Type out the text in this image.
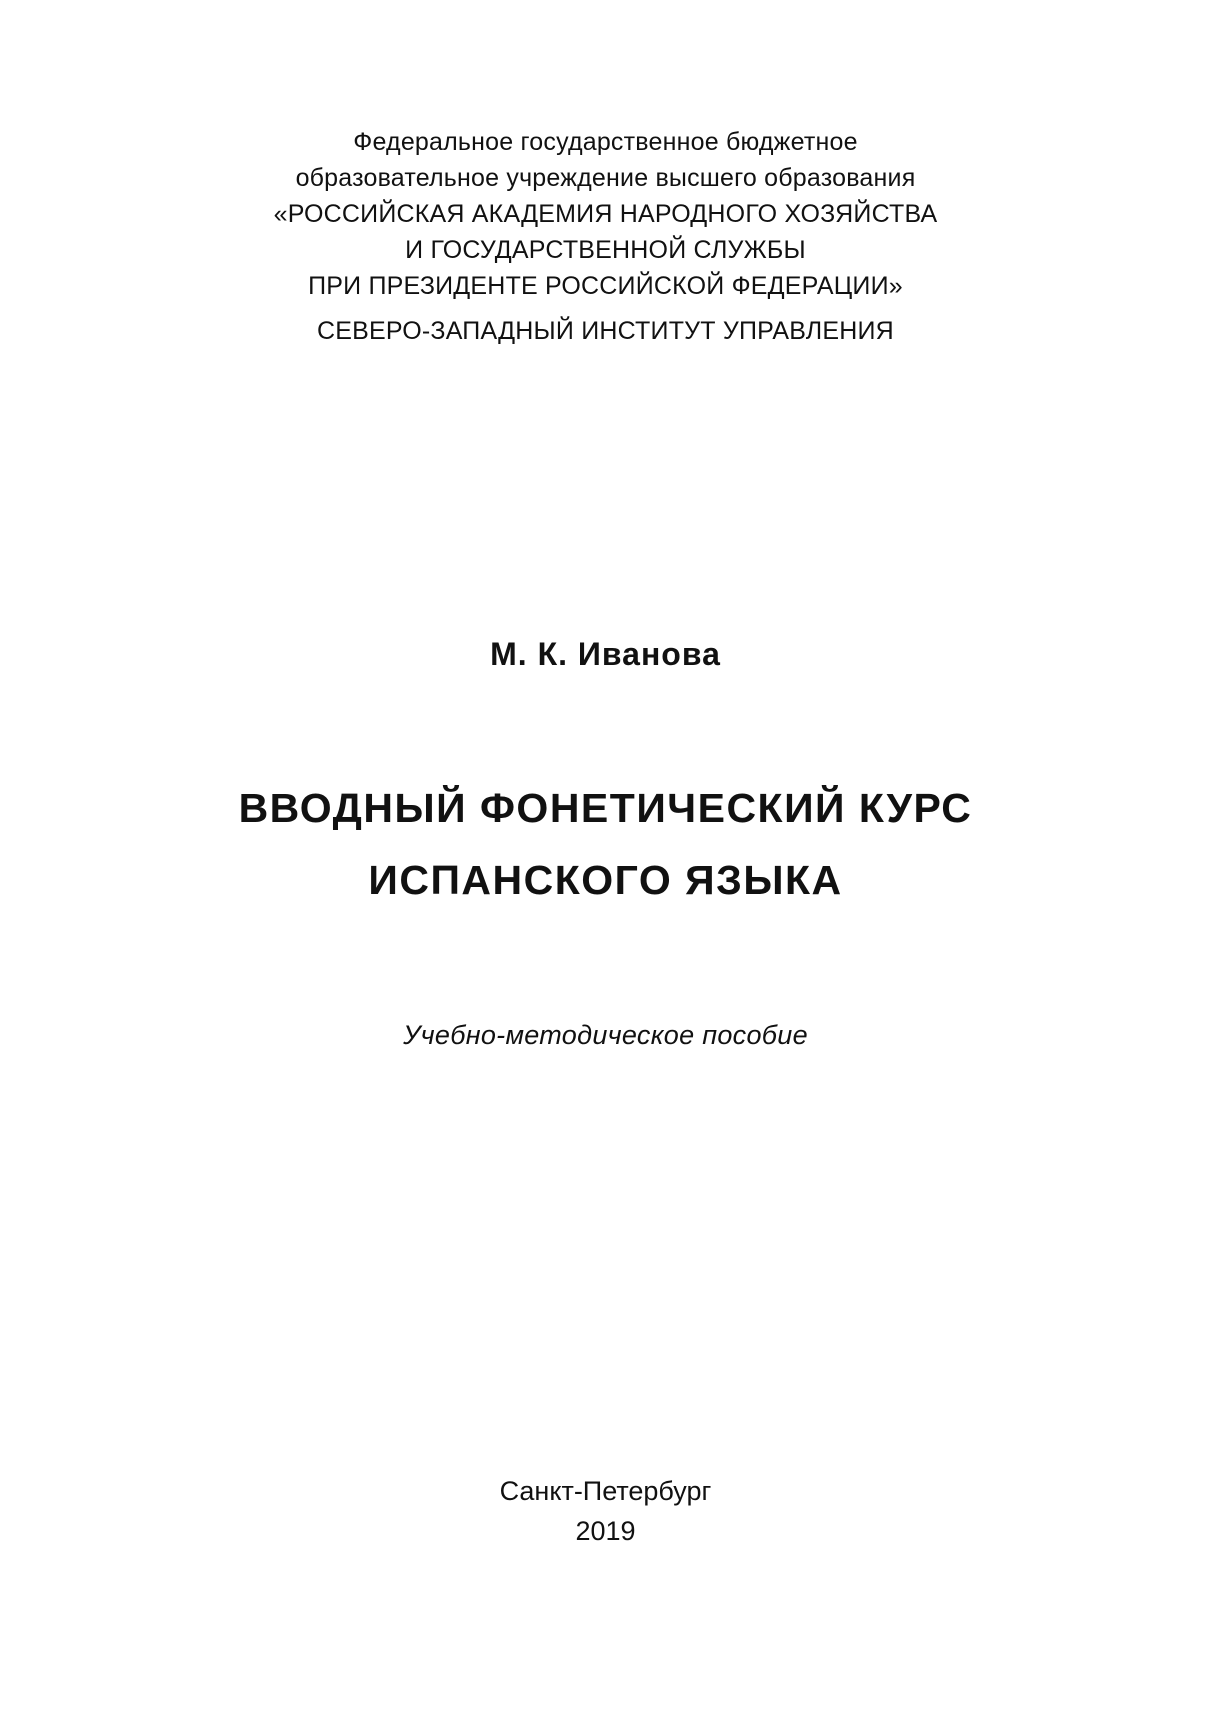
Федеральное государственное бюджетное
образовательное учреждение высшего образования
«РОССИЙСКАЯ АКАДЕМИЯ НАРОДНОГО ХОЗЯЙСТВА
И ГОСУДАРСТВЕННОЙ СЛУЖБЫ
ПРИ ПРЕЗИДЕНТЕ РОССИЙСКОЙ ФЕДЕРАЦИИ»
СЕВЕРО-ЗАПАДНЫЙ ИНСТИТУТ УПРАВЛЕНИЯ
М. К. Иванова
ВВОДНЫЙ ФОНЕТИЧЕСКИЙ КУРС
ИСПАНСКОГО ЯЗЫКА
Учебно-методическое пособие
Санкт-Петербург
2019
